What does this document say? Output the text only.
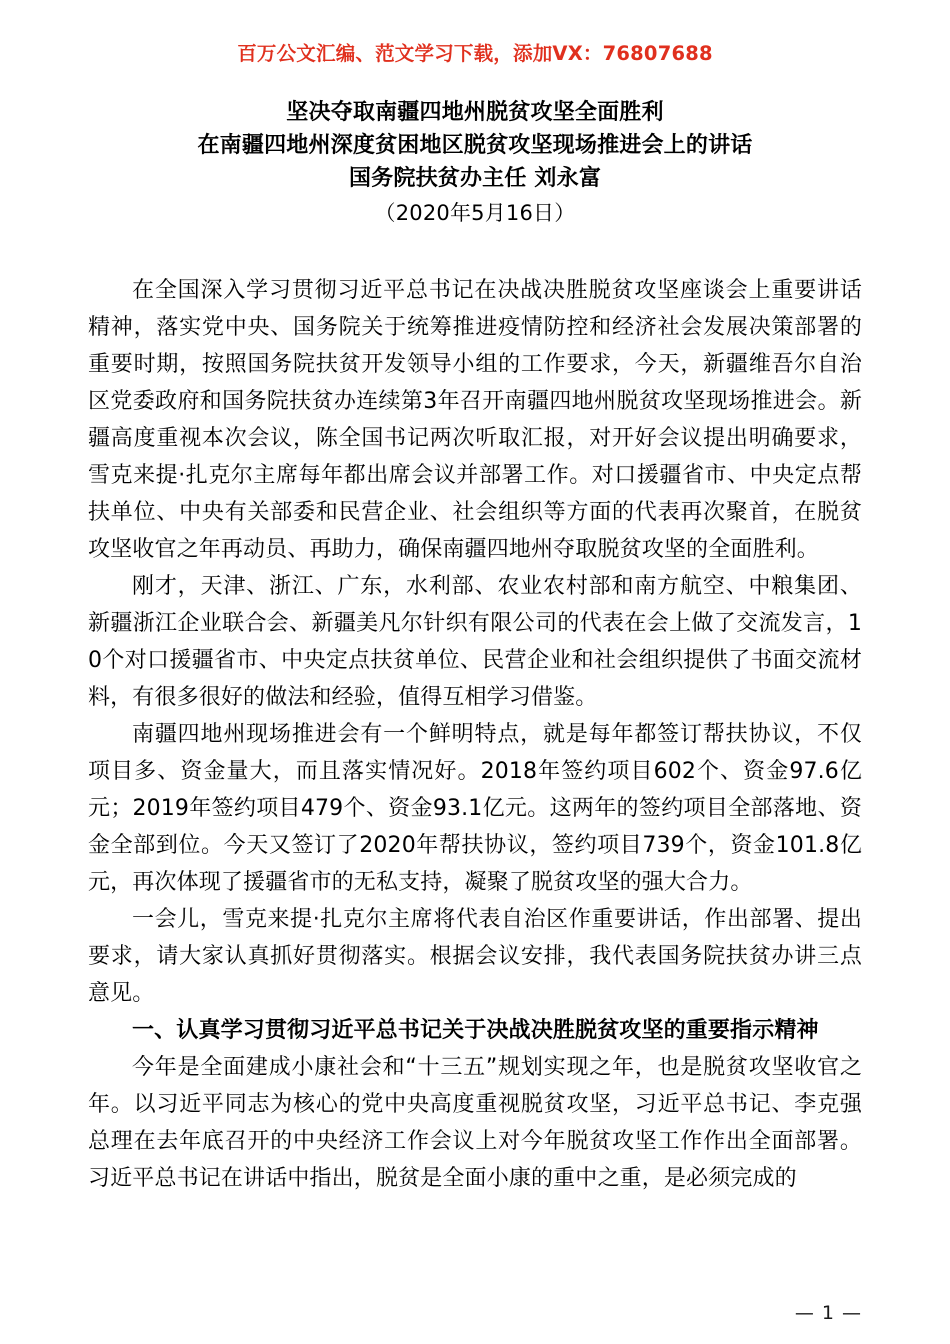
百万公文汇编、范文学习下载，添加VX：76807688
坚决夺取南疆四地州脱贫攻坚全面胜利
在南疆四地州深度贫困地区脱贫攻坚现场推进会上的讲话
国务院扶贫办主任 刘永富
（2020年5月16日）

在全国深入学习贯彻习近平总书记在决战决胜脱贫攻坚座谈会上重要讲话精神，落实党中央、国务院关于统筹推进疫情防控和经济社会发展决策部署的重要时期，按照国务院扶贫开发领导小组的工作要求，今天，新疆维吾尔自治区党委政府和国务院扶贫办连续第3年召开南疆四地州脱贫攻坚现场推进会。新疆高度重视本次会议，陈全国书记两次听取汇报，对开好会议提出明确要求，雪克来提·扎克尔主席每年都出席会议并部署工作。对口援疆省市、中央定点帮扶单位、中央有关部委和民营企业、社会组织等方面的代表再次聚首，在脱贫攻坚收官之年再动员、再助力，确保南疆四地州夺取脱贫攻坚的全面胜利。

刚才，天津、浙江、广东，水利部、农业农村部和南方航空、中粮集团、新疆浙江企业联合会、新疆美凡尔针织有限公司的代表在会上做了交流发言，10个对口援疆省市、中央定点扶贫单位、民营企业和社会组织提供了书面交流材料，有很多很好的做法和经验，值得互相学习借鉴。

南疆四地州现场推进会有一个鲜明特点，就是每年都签订帮扶协议，不仅项目多、资金量大，而且落实情况好。2018年签约项目602个、资金97.6亿元；2019年签约项目479个、资金93.1亿元。这两年的签约项目全部落地、资金全部到位。今天又签订了2020年帮扶协议，签约项目739个，资金101.8亿元，再次体现了援疆省市的无私支持，凝聚了脱贫攻坚的强大合力。

一会儿，雪克来提·扎克尔主席将代表自治区作重要讲话，作出部署、提出要求，请大家认真抓好贯彻落实。根据会议安排，我代表国务院扶贫办讲三点意见。

一、认真学习贯彻习近平总书记关于决战决胜脱贫攻坚的重要指示精神

今年是全面建成小康社会和“十三五”规划实现之年，也是脱贫攻坚收官之年。以习近平同志为核心的党中央高度重视脱贫攻坚，习近平总书记、李克强总理在去年底召开的中央经济工作会议上对今年脱贫攻坚工作作出全面部署。习近平总书记在讲话中指出，脱贫是全面小康的重中之重，是必须完成的

— 1 —
